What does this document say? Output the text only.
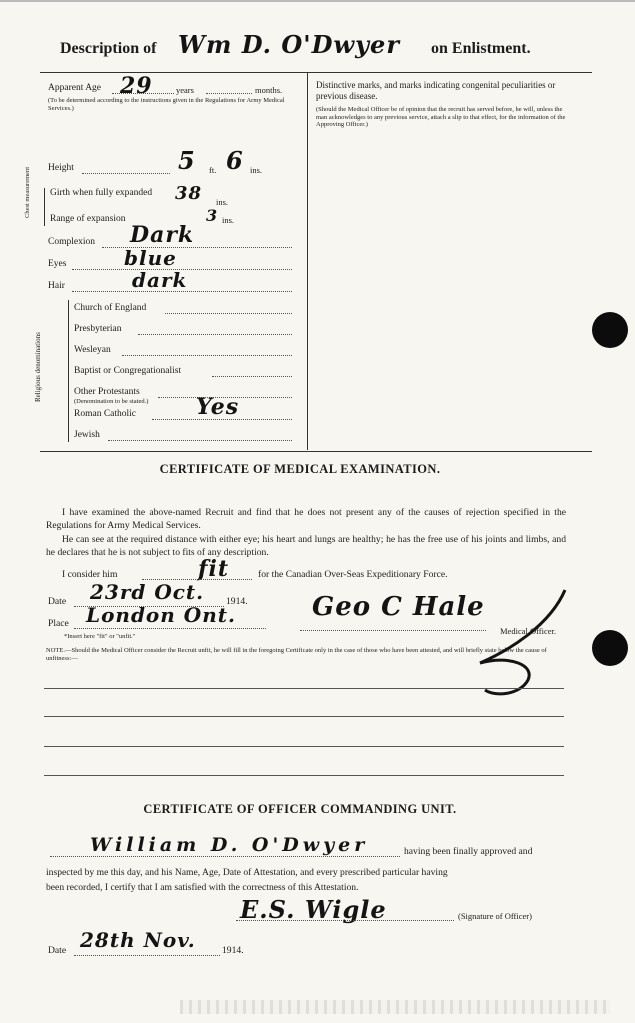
Description of Wm D. O'Dwyer on Enlistment.
Apparent Age 29	years	months.
(To be determined according to the instructions given in the Regulations for Army Medical Services.)
Height	5 ft. 6 ins.
Chest measurement Girth when fully expanded	38 ins.
Range of expansion	3 ins.
Complexion Dark
Eyes	blue
Hair	dark
Religious denominations
Church of England
Presbyterian
Wesleyan
Baptist or Congregationalist
Other Protestants
(Denomination to be stated.)
Roman Catholic	Yes
Jewish
Distinctive marks, and marks indicating congenital peculiarities or previous disease.
(Should the Medical Officer be of opinion that the recruit has served before, he will, unless the man acknowledges to any previous service, attach a slip to that effect, for the information of the Approving Officer.)
CERTIFICATE OF MEDICAL EXAMINATION.
I have examined the above-named Recruit and find that he does not present any of the causes of rejection specified in the Regulations for Army Medical Services.
He can see at the required distance with either eye; his heart and lungs are healthy; he has the free use of his joints and limbs, and he declares that he is not subject to fits of any description.
I consider him	fit	for the Canadian Over-Seas Expeditionary Force.
Date 23rd Oct. 1914.
Place London Ont.
*Insert here "fit" or "unfit."
Geo C Hale
Medical Officer.
NOTE.—Should the Medical Officer consider the Recruit unfit, he will fill in the foregoing Certificate only in the case of those who have been attested, and will briefly state below the cause of unfitness:—
CERTIFICATE OF OFFICER COMMANDING UNIT.
William D. O'Dwyer	having been finally approved and
inspected by me this day, and his Name, Age, Date of Attestation, and every prescribed particular having
been recorded, I certify that I am satisfied with the correctness of this Attestation.
E.S. Wigle	(Signature of Officer)
Date 28th Nov.	1914.
